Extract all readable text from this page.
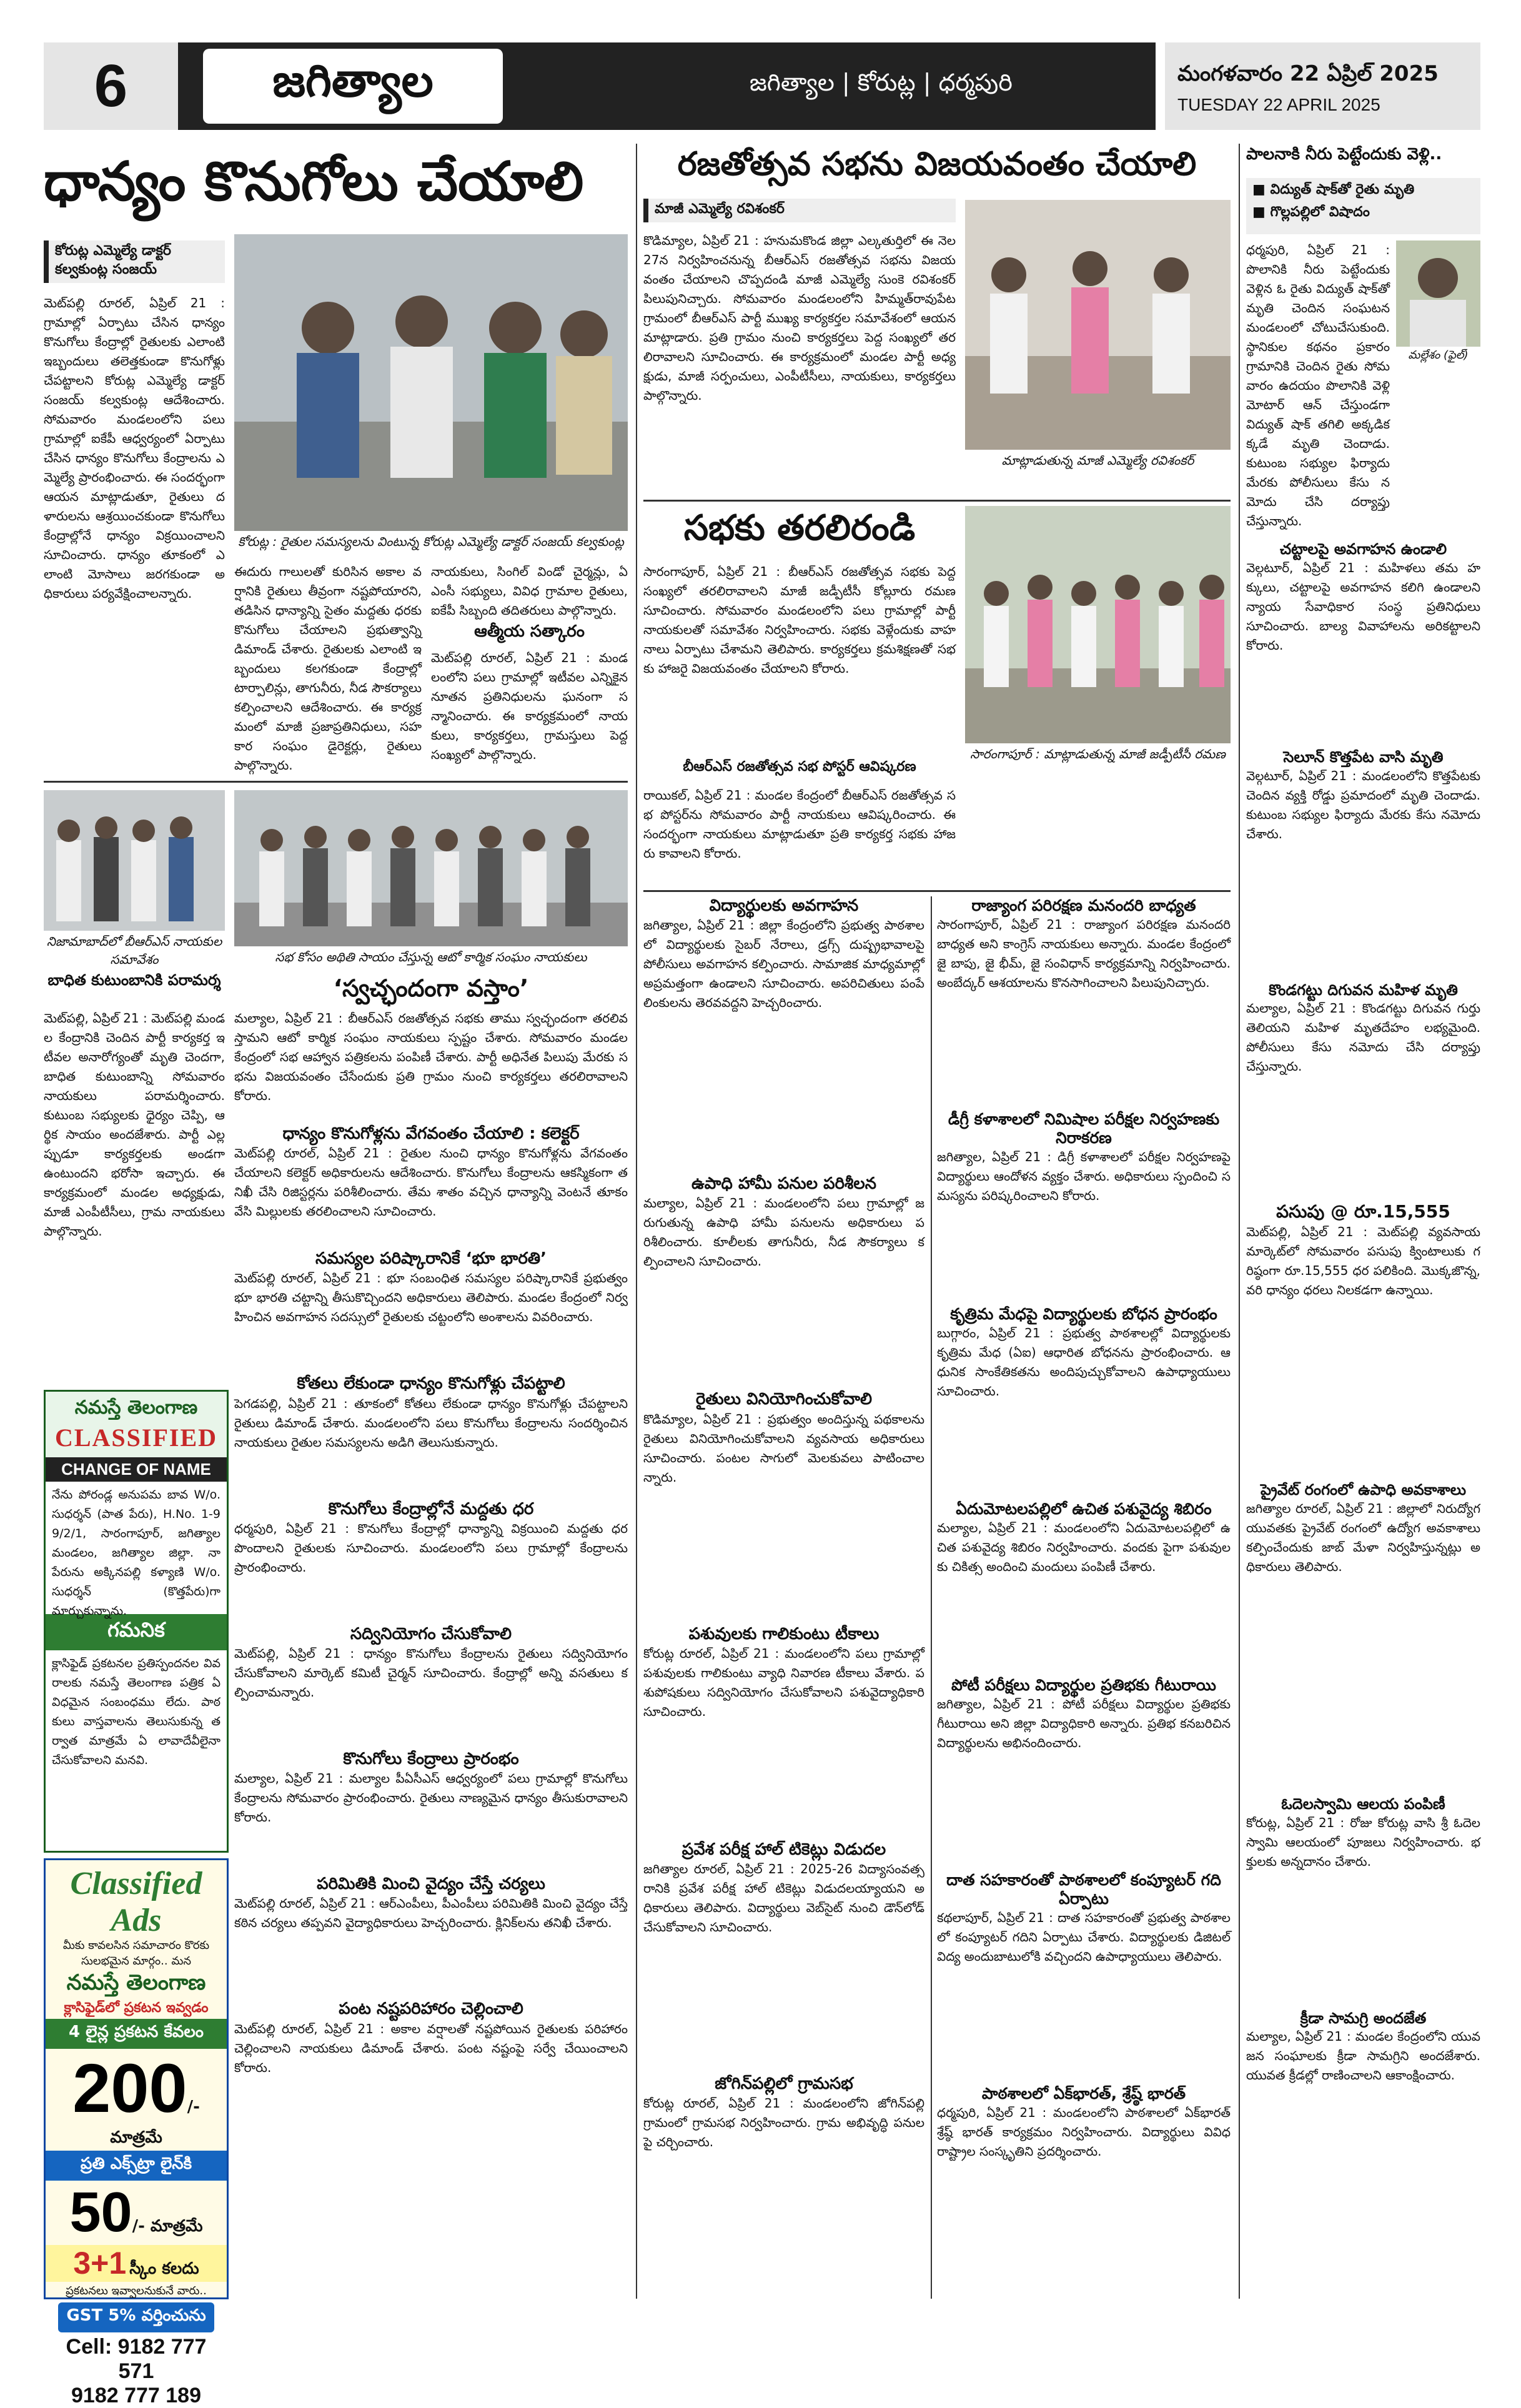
6	జగిత్యాల	జగిత్యాల | కోరుట్ల | ధర్మపురి	మంగళవారం 22 ఏప్రిల్ 2025
TUESDAY 22 APRIL 2025
ధాన్యం కొనుగోలు చేయాలి
కోరుట్ల ఎమ్మెల్యే డాక్టర్ కల్వకుంట్ల సంజయ్
మెట్‌పల్లి రూరల్‌, ఏప్రిల్‌ 21 : గ్రామాల్లో ఏర్పాటు చేసిన ధాన్యం కొనుగోలు కేంద్రాల్లో రైతులకు ఎలాంటి ఇబ్బందులు తలెత్తకుండా కొనుగోళ్లు చేపట్టాలని కోరుట్ల ఎమ్మెల్యే డాక్టర్ సంజయ్ కల్వకుంట్ల ఆదేశించారు. సోమవారం మండలంలోని పలు గ్రామాల్లో ఐకేపీ ఆధ్వర్యంలో ఏర్పాటు చేసిన ధాన్యం కొనుగోలు కేంద్రాలను ఎమ్మెల్యే ప్రారంభించారు. ఈ సందర్భంగా ఆయన మాట్లాడుతూ, రైతులు దళారులను ఆశ్రయించకుండా కొనుగోలు కేంద్రాల్లోనే ధాన్యం విక్రయించాలని సూచించారు. ధాన్యం తూకంలో ఎలాంటి మోసాలు జరగకుండా అధికారులు పర్యవేక్షించాలన్నారు.
కోరుట్ల : రైతుల సమస్యలను వింటున్న కోరుట్ల ఎమ్మెల్యే డాక్టర్ సంజయ్ కల్వకుంట్ల
ఈదురు గాలులతో కురిసిన అకాల వర్షానికి రైతులు తీవ్రంగా నష్టపోయారని, తడిసిన ధాన్యాన్ని సైతం మద్దతు ధరకు కొనుగోలు చేయాలని ప్రభుత్వాన్ని డిమాండ్ చేశారు. రైతులకు ఎలాంటి ఇబ్బందులు కలగకుండా కేంద్రాల్లో టార్పాలిన్లు, తాగునీరు, నీడ సౌకర్యాలు కల్పించాలని ఆదేశించారు. ఈ కార్యక్రమంలో మాజీ ప్రజాప్రతినిధులు, సహకార సంఘం డైరెక్టర్లు, రైతులు పాల్గొన్నారు.
నాయకులు, సింగిల్ విండో చైర్మన్లు, ఏఎంసీ సభ్యులు, వివిధ గ్రామాల రైతులు, ఐకేపీ సిబ్బంది తదితరులు పాల్గొన్నారు.
ఆత్మీయ సత్కారం
మెట్‌పల్లి రూరల్‌, ఏప్రిల్‌ 21 : మండలంలోని పలు గ్రామాల్లో ఇటీవల ఎన్నికైన నూతన ప్రతినిధులను ఘనంగా సన్మానించారు. ఈ కార్యక్రమంలో నాయకులు, కార్యకర్తలు, గ్రామస్తులు పెద్ద సంఖ్యలో పాల్గొన్నారు.
నిజామాబాద్‌లో బీఆర్ఎస్ నాయకుల సమావేశం
బాధిత కుటుంబానికి పరామర్శ
మెట్‌పల్లి, ఏప్రిల్‌ 21 : మెట్‌పల్లి మండల కేంద్రానికి చెందిన పార్టీ కార్యకర్త ఇటీవల అనారోగ్యంతో మృతి చెందగా, బాధిత కుటుంబాన్ని సోమవారం నాయకులు పరామర్శించారు. కుటుంబ సభ్యులకు ధైర్యం చెప్పి, ఆర్థిక సాయం అందజేశారు. పార్టీ ఎల్లప్పుడూ కార్యకర్తలకు అండగా ఉంటుందని భరోసా ఇచ్చారు. ఈ కార్యక్రమంలో మండల అధ్యక్షుడు, మాజీ ఎంపీటీసీలు, గ్రామ నాయకులు పాల్గొన్నారు.
నమస్తే తెలంగాణ
CLASSIFIED
CHANGE OF NAME
నేను పోరండ్ల అనుపమ బావ W/o. సుధర్శన్ (పాత పేరు), H.No. 1-99/2/1, సారంగాపూర్, జగిత్యాల మండలం, జగిత్యాల జిల్లా. నా పేరును అక్కినపల్లి కళ్యాణి W/o. సుధర్శన్ (కొత్తపేరు)గా మార్చుకున్నాను.
గమనిక
క్లాసిఫైడ్ ప్రకటనల ప్రతిస్పందనల వివరాలకు నమస్తే తెలంగాణ పత్రిక ఏ విధమైన సంబంధము లేదు. పాఠకులు వాస్తవాలను తెలుసుకున్న తర్వాత మాత్రమే ఏ లావాదేవీలైనా చేసుకోవాలని మనవి.
Classified Ads
మీకు కావలసిన సమాచారం కొరకు సులభమైన మార్గం.. మన
నమస్తే తెలంగాణ
క్లాసిఫైడ్‌లో ప్రకటన ఇవ్వడం
4 లైన్ల ప్రకటన కేవలం
200/- మాత్రమే
ప్రతి ఎక్స్‌ట్రా లైన్‌కి
50/- మాత్రమే
3+1 స్కీం కలదు
ప్రకటనలు ఇవ్వాలనుకునే వారు..
GST 5% వర్తించును
Cell: 9182 777 571
9182 777 189
సభ కోసం అథితి సాయం చేస్తున్న ఆటో కార్మిక సంఘం నాయకులు
‘స్వచ్ఛందంగా వస్తాం’
మల్యాల, ఏప్రిల్ 21 : బీఆర్‌ఎస్ రజతోత్సవ సభకు తాము స్వచ్ఛందంగా తరలివస్తామని ఆటో కార్మిక సంఘం నాయకులు స్పష్టం చేశారు. సోమవారం మండల కేంద్రంలో సభ ఆహ్వాన పత్రికలను పంపిణీ చేశారు. పార్టీ అధినేత పిలుపు మేరకు సభను విజయవంతం చేసేందుకు ప్రతి గ్రామం నుంచి కార్యకర్తలు తరలిరావాలని కోరారు.
ధాన్యం కొనుగోళ్లను వేగవంతం చేయాలి : కలెక్టర్
మెట్‌పల్లి రూరల్, ఏప్రిల్ 21 : రైతుల నుంచి ధాన్యం కొనుగోళ్లను వేగవంతం చేయాలని కలెక్టర్ అధికారులను ఆదేశించారు. కొనుగోలు కేంద్రాలను ఆకస్మికంగా తనిఖీ చేసి రిజిస్టర్లను పరిశీలించారు. తేమ శాతం వచ్చిన ధాన్యాన్ని వెంటనే తూకం వేసి మిల్లులకు తరలించాలని సూచించారు.
సమస్యల పరిష్కారానికే ‘భూ భారతి’
మెట్‌పల్లి రూరల్, ఏప్రిల్ 21 : భూ సంబంధిత సమస్యల పరిష్కారానికే ప్రభుత్వం భూ భారతి చట్టాన్ని తీసుకొచ్చిందని అధికారులు తెలిపారు. మండల కేంద్రంలో నిర్వహించిన అవగాహన సదస్సులో రైతులకు చట్టంలోని అంశాలను వివరించారు.
కోతలు లేకుండా ధాన్యం కొనుగోళ్లు చేపట్టాలి
పెగడపల్లి, ఏప్రిల్ 21 : తూకంలో కోతలు లేకుండా ధాన్యం కొనుగోళ్లు చేపట్టాలని రైతులు డిమాండ్ చేశారు. మండలంలోని పలు కొనుగోలు కేంద్రాలను సందర్శించిన నాయకులు రైతుల సమస్యలను అడిగి తెలుసుకున్నారు.
కొనుగోలు కేంద్రాల్లోనే మద్దతు ధర
ధర్మపురి, ఏప్రిల్ 21 : కొనుగోలు కేంద్రాల్లో ధాన్యాన్ని విక్రయించి మద్దతు ధర పొందాలని రైతులకు సూచించారు. మండలంలోని పలు గ్రామాల్లో కేంద్రాలను ప్రారంభించారు.
సద్వినియోగం చేసుకోవాలి
మెట్‌పల్లి, ఏప్రిల్ 21 : ధాన్యం కొనుగోలు కేంద్రాలను రైతులు సద్వినియోగం చేసుకోవాలని మార్కెట్ కమిటీ చైర్మన్ సూచించారు. కేంద్రాల్లో అన్ని వసతులు కల్పించామన్నారు.
కొనుగోలు కేంద్రాలు ప్రారంభం
మల్యాల, ఏప్రిల్ 21 : మల్యాల పీఏసీఎస్ ఆధ్వర్యంలో పలు గ్రామాల్లో కొనుగోలు కేంద్రాలను సోమవారం ప్రారంభించారు. రైతులు నాణ్యమైన ధాన్యం తీసుకురావాలని కోరారు.
పరిమితికి మించి వైద్యం చేస్తే చర్యలు
మెట్‌పల్లి రూరల్, ఏప్రిల్ 21 : ఆర్‌ఎంపీలు, పీఎంపీలు పరిమితికి మించి వైద్యం చేస్తే కఠిన చర్యలు తప్పవని వైద్యాధికారులు హెచ్చరించారు. క్లినిక్‌లను తనిఖీ చేశారు.
పంట నష్టపరిహారం చెల్లించాలి
మెట్‌పల్లి రూరల్, ఏప్రిల్ 21 : అకాల వర్షాలతో నష్టపోయిన రైతులకు పరిహారం చెల్లించాలని నాయకులు డిమాండ్ చేశారు. పంట నష్టంపై సర్వే చేయించాలని కోరారు.
రజతోత్సవ సభను విజయవంతం చేయాలి
మాజీ ఎమ్మెల్యే రవిశంకర్
కొడిమ్యాల, ఏప్రిల్ 21 : హనుమకొండ జిల్లా ఎల్కతుర్తిలో ఈ నెల 27న నిర్వహించనున్న బీఆర్‌ఎస్ రజతోత్సవ సభను విజయవంతం చేయాలని చొప్పదండి మాజీ ఎమ్మెల్యే సుంకె రవిశంకర్ పిలుపునిచ్చారు. సోమవారం మండలంలోని హిమ్మత్‌రావుపేట గ్రామంలో బీఆర్‌ఎస్ పార్టీ ముఖ్య కార్యకర్తల సమావేశంలో ఆయన మాట్లాడారు. ప్రతి గ్రామం నుంచి కార్యకర్తలు పెద్ద సంఖ్యలో తరలిరావాలని సూచించారు. ఈ కార్యక్రమంలో మండల పార్టీ అధ్యక్షుడు, మాజీ సర్పంచులు, ఎంపీటీసీలు, నాయకులు, కార్యకర్తలు పాల్గొన్నారు.
మాట్లాడుతున్న మాజీ ఎమ్మెల్యే రవిశంకర్
సభకు తరలిరండి
సారంగాపూర్, ఏప్రిల్ 21 : బీఆర్‌ఎస్ రజతోత్సవ సభకు పెద్ద సంఖ్యలో తరలిరావాలని మాజీ జడ్పీటీసీ కోల్లూరు రమణ సూచించారు. సోమవారం మండలంలోని పలు గ్రామాల్లో పార్టీ నాయకులతో సమావేశం నిర్వహించారు. సభకు వెళ్లేందుకు వాహనాలు ఏర్పాటు చేశామని తెలిపారు. కార్యకర్తలు క్రమశిక్షణతో సభకు హాజరై విజయవంతం చేయాలని కోరారు.
బీఆర్‌ఎస్ రజతోత్సవ సభ పోస్టర్ ఆవిష్కరణ
రాయికల్, ఏప్రిల్ 21 : మండల కేంద్రంలో బీఆర్‌ఎస్ రజతోత్సవ సభ పోస్టర్‌ను సోమవారం పార్టీ నాయకులు ఆవిష్కరించారు. ఈ సందర్భంగా నాయకులు మాట్లాడుతూ ప్రతి కార్యకర్త సభకు హాజరు కావాలని కోరారు.
సారంగాపూర్ : మాట్లాడుతున్న మాజీ జడ్పీటీసీ రమణ
విద్యార్థులకు అవగాహన
జగిత్యాల, ఏప్రిల్ 21 : జిల్లా కేంద్రంలోని ప్రభుత్వ పాఠశాలలో విద్యార్థులకు సైబర్ నేరాలు, డ్రగ్స్ దుష్ప్రభావాలపై పోలీసులు అవగాహన కల్పించారు. సామాజిక మాధ్యమాల్లో అప్రమత్తంగా ఉండాలని సూచించారు. అపరిచితులు పంపే లింకులను తెరవవద్దని హెచ్చరించారు.
ఉపాధి హామీ పనుల పరిశీలన
మల్యాల, ఏప్రిల్ 21 : మండలంలోని పలు గ్రామాల్లో జరుగుతున్న ఉపాధి హామీ పనులను అధికారులు పరిశీలించారు. కూలీలకు తాగునీరు, నీడ సౌకర్యాలు కల్పించాలని సూచించారు.
రైతులు వినియోగించుకోవాలి
కొడిమ్యాల, ఏప్రిల్ 21 : ప్రభుత్వం అందిస్తున్న పథకాలను రైతులు వినియోగించుకోవాలని వ్యవసాయ అధికారులు సూచించారు. పంటల సాగులో మెలకువలు పాటించాలన్నారు.
పశువులకు గాలికుంటు టీకాలు
కోరుట్ల రూరల్, ఏప్రిల్ 21 : మండలంలోని పలు గ్రామాల్లో పశువులకు గాలికుంటు వ్యాధి నివారణ టీకాలు వేశారు. పశుపోషకులు సద్వినియోగం చేసుకోవాలని పశువైద్యాధికారి సూచించారు.
ప్రవేశ పరీక్ష హాల్ టికెట్లు విడుదల
జగిత్యాల రూరల్, ఏప్రిల్ 21 : 2025-26 విద్యాసంవత్సరానికి ప్రవేశ పరీక్ష హాల్ టికెట్లు విడుదలయ్యాయని అధికారులు తెలిపారు. విద్యార్థులు వెబ్‌సైట్ నుంచి డౌన్‌లోడ్ చేసుకోవాలని సూచించారు.
జోగిన్‌పల్లిలో గ్రామసభ
కోరుట్ల రూరల్, ఏప్రిల్ 21 : మండలంలోని జోగిన్‌పల్లి గ్రామంలో గ్రామసభ నిర్వహించారు. గ్రామ అభివృద్ధి పనులపై చర్చించారు.
రాజ్యాంగ పరిరక్షణ మనందరి బాధ్యత
సారంగాపూర్, ఏప్రిల్ 21 : రాజ్యాంగ పరిరక్షణ మనందరి బాధ్యత అని కాంగ్రెస్ నాయకులు అన్నారు. మండల కేంద్రంలో జై బాపు, జై భీమ్, జై సంవిధాన్ కార్యక్రమాన్ని నిర్వహించారు. అంబేద్కర్ ఆశయాలను కొనసాగించాలని పిలుపునిచ్చారు.
డీగ్రీ కళాశాలలో నిమిషాల పరీక్షల నిర్వహణకు నిరాకరణ
జగిత్యాల, ఏప్రిల్ 21 : డిగ్రీ కళాశాలలో పరీక్షల నిర్వహణపై విద్యార్థులు ఆందోళన వ్యక్తం చేశారు. అధికారులు స్పందించి సమస్యను పరిష్కరించాలని కోరారు.
కృత్రిమ మేధపై విద్యార్థులకు బోధన ప్రారంభం
బుగ్గారం, ఏప్రిల్ 21 : ప్రభుత్వ పాఠశాలల్లో విద్యార్థులకు కృత్రిమ మేధ (ఏఐ) ఆధారిత బోధనను ప్రారంభించారు. ఆధునిక సాంకేతికతను అందిపుచ్చుకోవాలని ఉపాధ్యాయులు సూచించారు.
ఏదుమోటలపల్లిలో ఉచిత పశువైద్య శిబిరం
మల్యాల, ఏప్రిల్ 21 : మండలంలోని ఏదుమోటలపల్లిలో ఉచిత పశువైద్య శిబిరం నిర్వహించారు. వందకు పైగా పశువులకు చికిత్స అందించి మందులు పంపిణీ చేశారు.
పోటీ పరీక్షలు విద్యార్థుల ప్రతిభకు గీటురాయి
జగిత్యాల, ఏప్రిల్ 21 : పోటీ పరీక్షలు విద్యార్థుల ప్రతిభకు గీటురాయి అని జిల్లా విద్యాధికారి అన్నారు. ప్రతిభ కనబరిచిన విద్యార్థులను అభినందించారు.
దాత సహకారంతో పాఠశాలలో కంప్యూటర్ గది ఏర్పాటు
కథలాపూర్, ఏప్రిల్ 21 : దాత సహకారంతో ప్రభుత్వ పాఠశాలలో కంప్యూటర్ గదిని ఏర్పాటు చేశారు. విద్యార్థులకు డిజిటల్ విద్య అందుబాటులోకి వచ్చిందని ఉపాధ్యాయులు తెలిపారు.
పాఠశాలలో ఏక్‌భారత్, శ్రేష్ఠ్ భారత్
ధర్మపురి, ఏప్రిల్ 21 : మండలంలోని పాఠశాలలో ఏక్‌భారత్ శ్రేష్ఠ్ భారత్ కార్యక్రమం నిర్వహించారు. విద్యార్థులు వివిధ రాష్ట్రాల సంస్కృతిని ప్రదర్శించారు.
పాలనాకి నీరు పెట్టేందుకు వెళ్లి..
■ విద్యుత్ షాక్‌తో రైతు మృతి
■ గొల్లపల్లిలో విషాదం
మల్లేశం (ఫైల్)
ధర్మపురి, ఏప్రిల్ 21 : పొలానికి నీరు పెట్టేందుకు వెళ్లిన ఓ రైతు విద్యుత్ షాక్‌తో మృతి చెందిన సంఘటన మండలంలో చోటుచేసుకుంది. స్థానికుల కథనం ప్రకారం గ్రామానికి చెందిన రైతు సోమవారం ఉదయం పొలానికి వెళ్లి మోటార్ ఆన్ చేస్తుండగా విద్యుత్ షాక్ తగిలి అక్కడికక్కడే మృతి చెందాడు. కుటుంబ సభ్యుల ఫిర్యాదు మేరకు పోలీసులు కేసు నమోదు చేసి దర్యాప్తు చేస్తున్నారు.
చట్టాలపై అవగాహన ఉండాలి
వెల్గటూర్, ఏప్రిల్ 21 : మహిళలు తమ హక్కులు, చట్టాలపై అవగాహన కలిగి ఉండాలని న్యాయ సేవాధికార సంస్థ ప్రతినిధులు సూచించారు. బాల్య వివాహాలను అరికట్టాలని కోరారు.
సెలూన్ కొత్తపేట వాసి మృతి
వెల్గటూర్, ఏప్రిల్ 21 : మండలంలోని కొత్తపేటకు చెందిన వ్యక్తి రోడ్డు ప్రమాదంలో మృతి చెందాడు. కుటుంబ సభ్యుల ఫిర్యాదు మేరకు కేసు నమోదు చేశారు.
కొండగట్టు దిగువన మహిళ మృతి
మల్యాల, ఏప్రిల్ 21 : కొండగట్టు దిగువన గుర్తు తెలియని మహిళ మృతదేహం లభ్యమైంది. పోలీసులు కేసు నమోదు చేసి దర్యాప్తు చేస్తున్నారు.
పసుపు @ రూ.15,555
మెట్‌పల్లి, ఏప్రిల్ 21 : మెట్‌పల్లి వ్యవసాయ మార్కెట్‌లో సోమవారం పసుపు క్వింటాలుకు గరిష్ఠంగా రూ.15,555 ధర పలికింది. మొక్కజొన్న, వరి ధాన్యం ధరలు నిలకడగా ఉన్నాయి.
ప్రైవేట్ రంగంలో ఉపాధి అవకాశాలు
జగిత్యాల రూరల్, ఏప్రిల్ 21 : జిల్లాలో నిరుద్యోగ యువతకు ప్రైవేట్ రంగంలో ఉద్యోగ అవకాశాలు కల్పించేందుకు జాబ్ మేళా నిర్వహిస్తున్నట్లు అధికారులు తెలిపారు.
ఓదెలస్వామి ఆలయ పంపిణీ
కోరుట్ల, ఏప్రిల్ 21 : రోజు కోరుట్ల వాసి శ్రీ ఓదెలస్వామి ఆలయంలో పూజలు నిర్వహించారు. భక్తులకు అన్నదానం చేశారు.
క్రీడా సామగ్రి అందజేత
మల్యాల, ఏప్రిల్ 21 : మండల కేంద్రంలోని యువజన సంఘాలకు క్రీడా సామగ్రిని అందజేశారు. యువత క్రీడల్లో రాణించాలని ఆకాంక్షించారు.
